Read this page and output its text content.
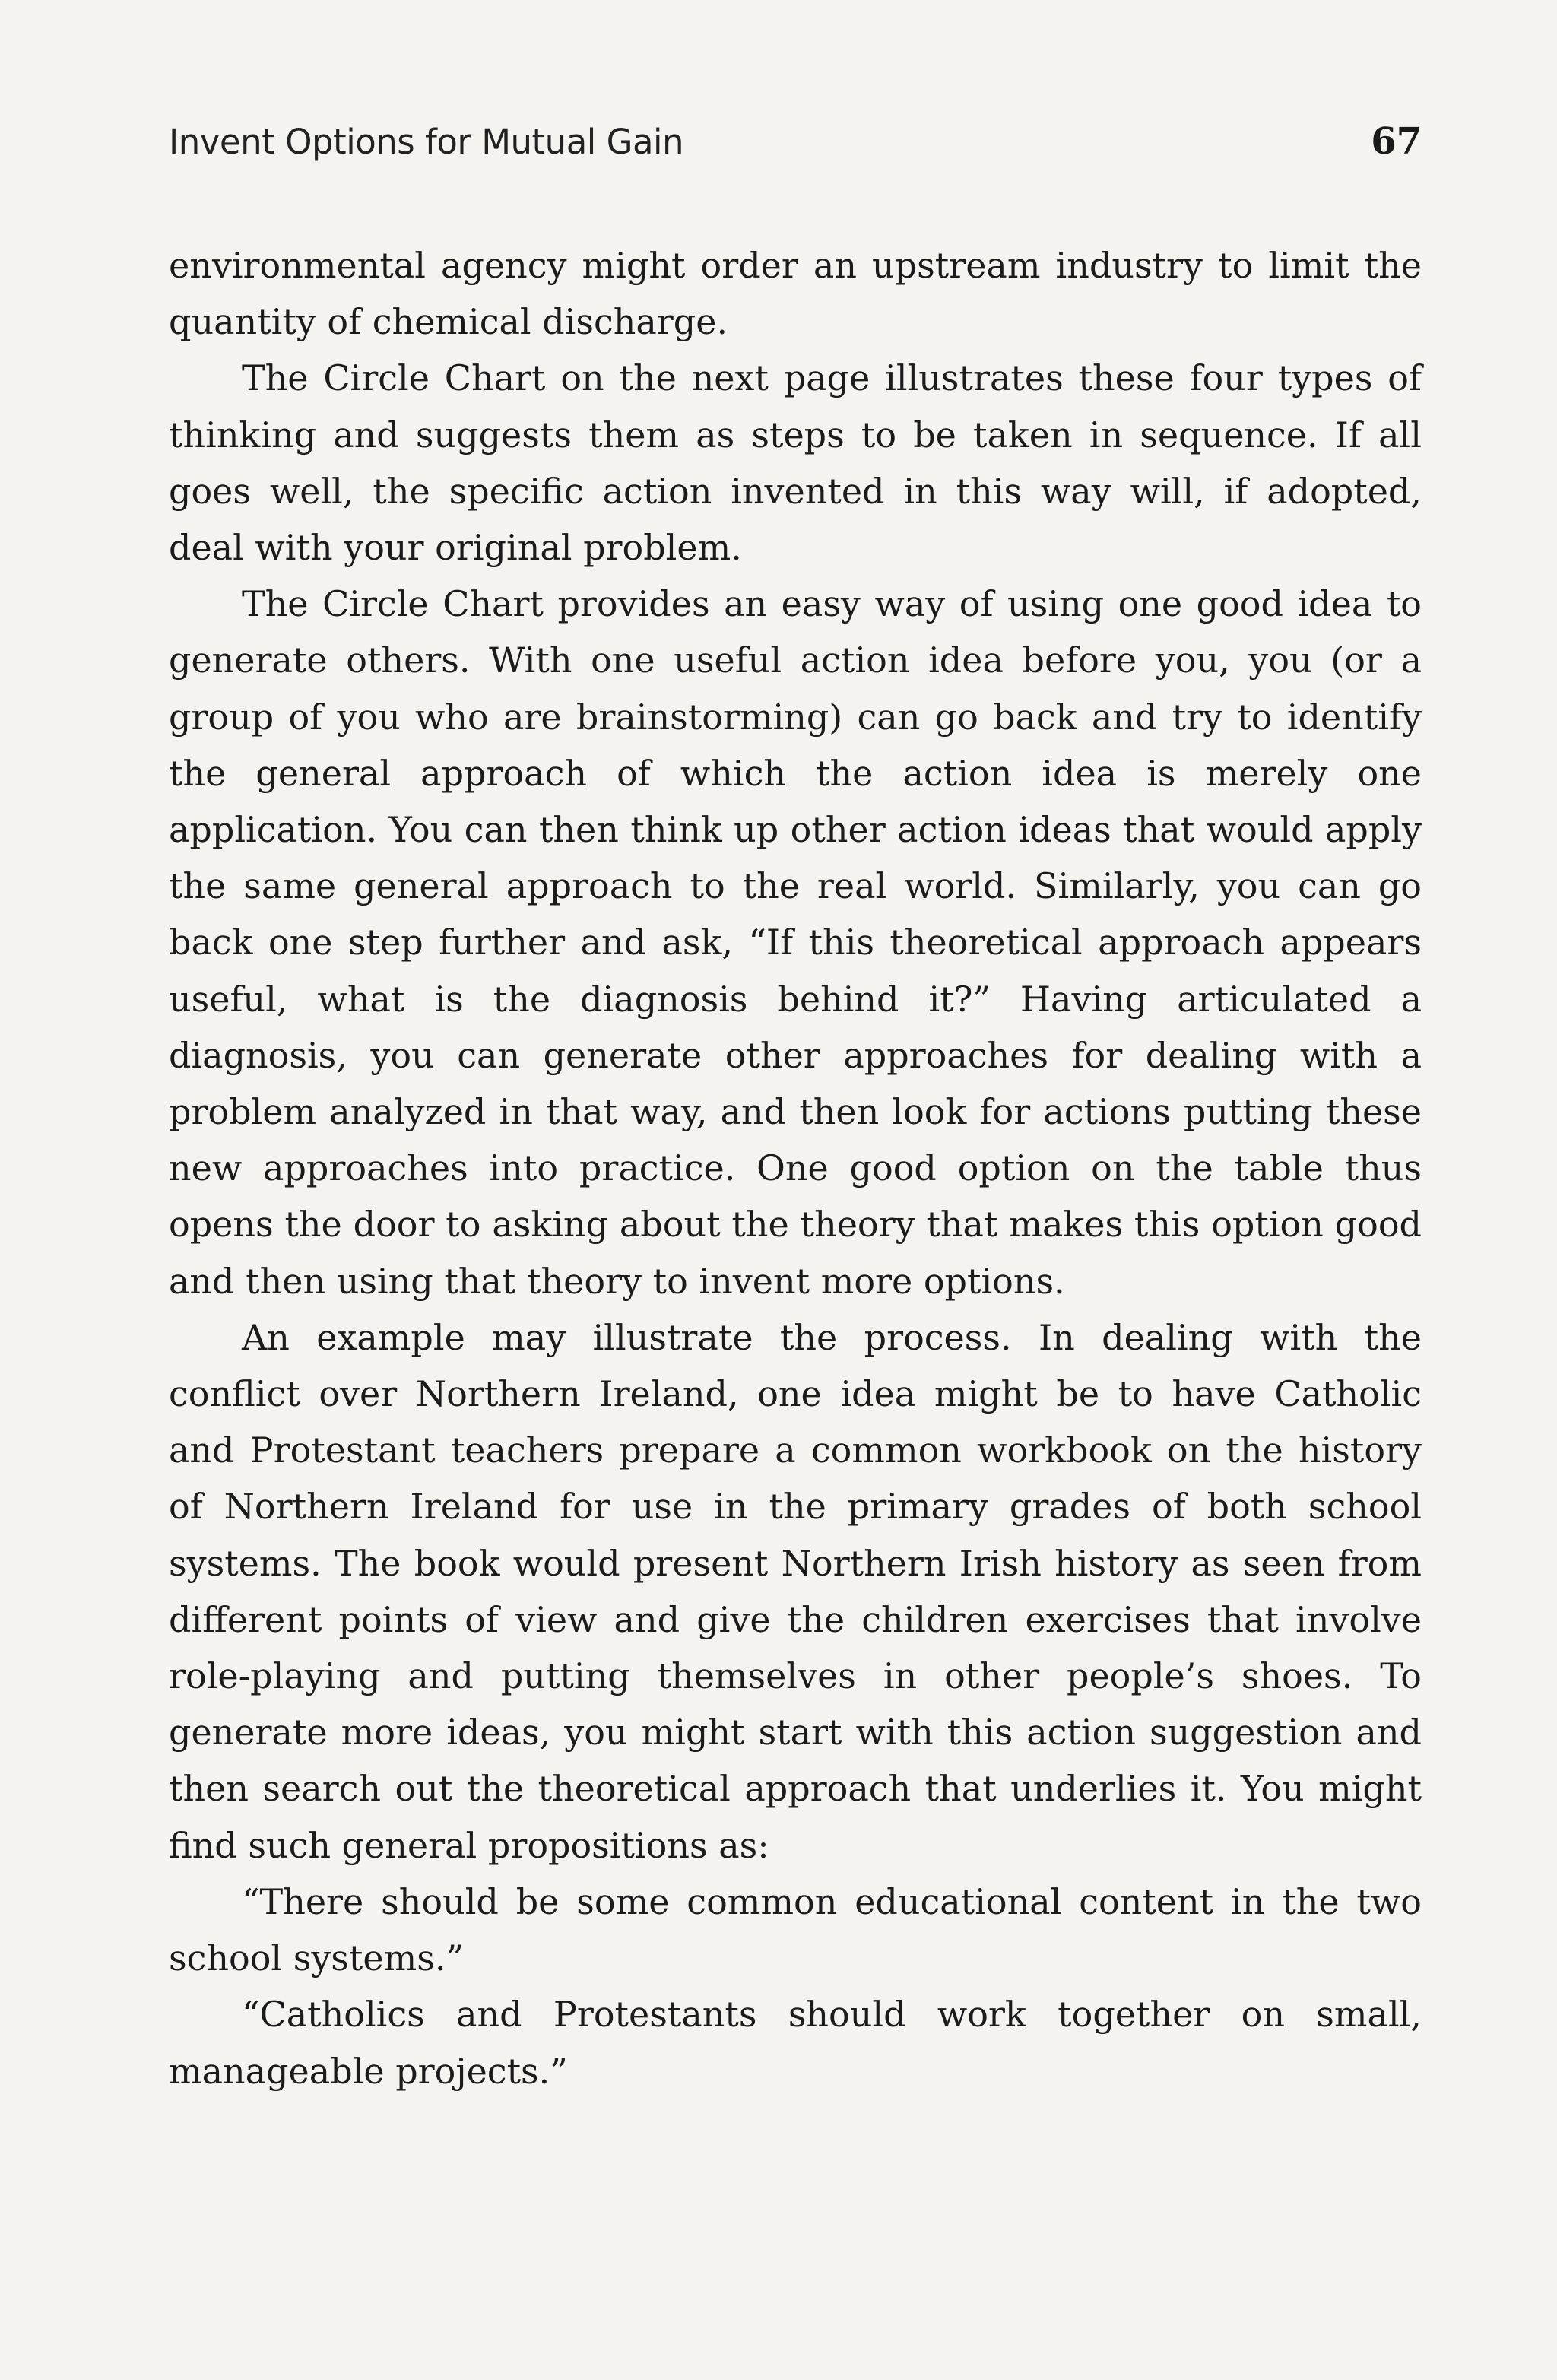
Invent Options for Mutual Gain	67

environmental agency might order an upstream industry to limit the quantity of chemical discharge.

The Circle Chart on the next page illustrates these four types of thinking and suggests them as steps to be taken in sequence. If all goes well, the specific action invented in this way will, if adopted, deal with your original problem.

The Circle Chart provides an easy way of using one good idea to generate others. With one useful action idea before you, you (or a group of you who are brainstorming) can go back and try to identify the general approach of which the action idea is merely one application. You can then think up other action ideas that would apply the same general approach to the real world. Similarly, you can go back one step further and ask, “If this theoretical approach appears useful, what is the diagnosis behind it?” Having articulated a diagnosis, you can generate other approaches for dealing with a problem analyzed in that way, and then look for actions putting these new approaches into practice. One good option on the table thus opens the door to asking about the theory that makes this option good and then using that theory to invent more options.

An example may illustrate the process. In dealing with the conflict over Northern Ireland, one idea might be to have Catholic and Protestant teachers prepare a common workbook on the history of Northern Ireland for use in the primary grades of both school systems. The book would present Northern Irish history as seen from different points of view and give the children exercises that involve role-playing and putting themselves in other people’s shoes. To generate more ideas, you might start with this action suggestion and then search out the theoretical approach that underlies it. You might find such general propositions as:

“There should be some common educational content in the two school systems.”

“Catholics and Protestants should work together on small, manageable projects.”
